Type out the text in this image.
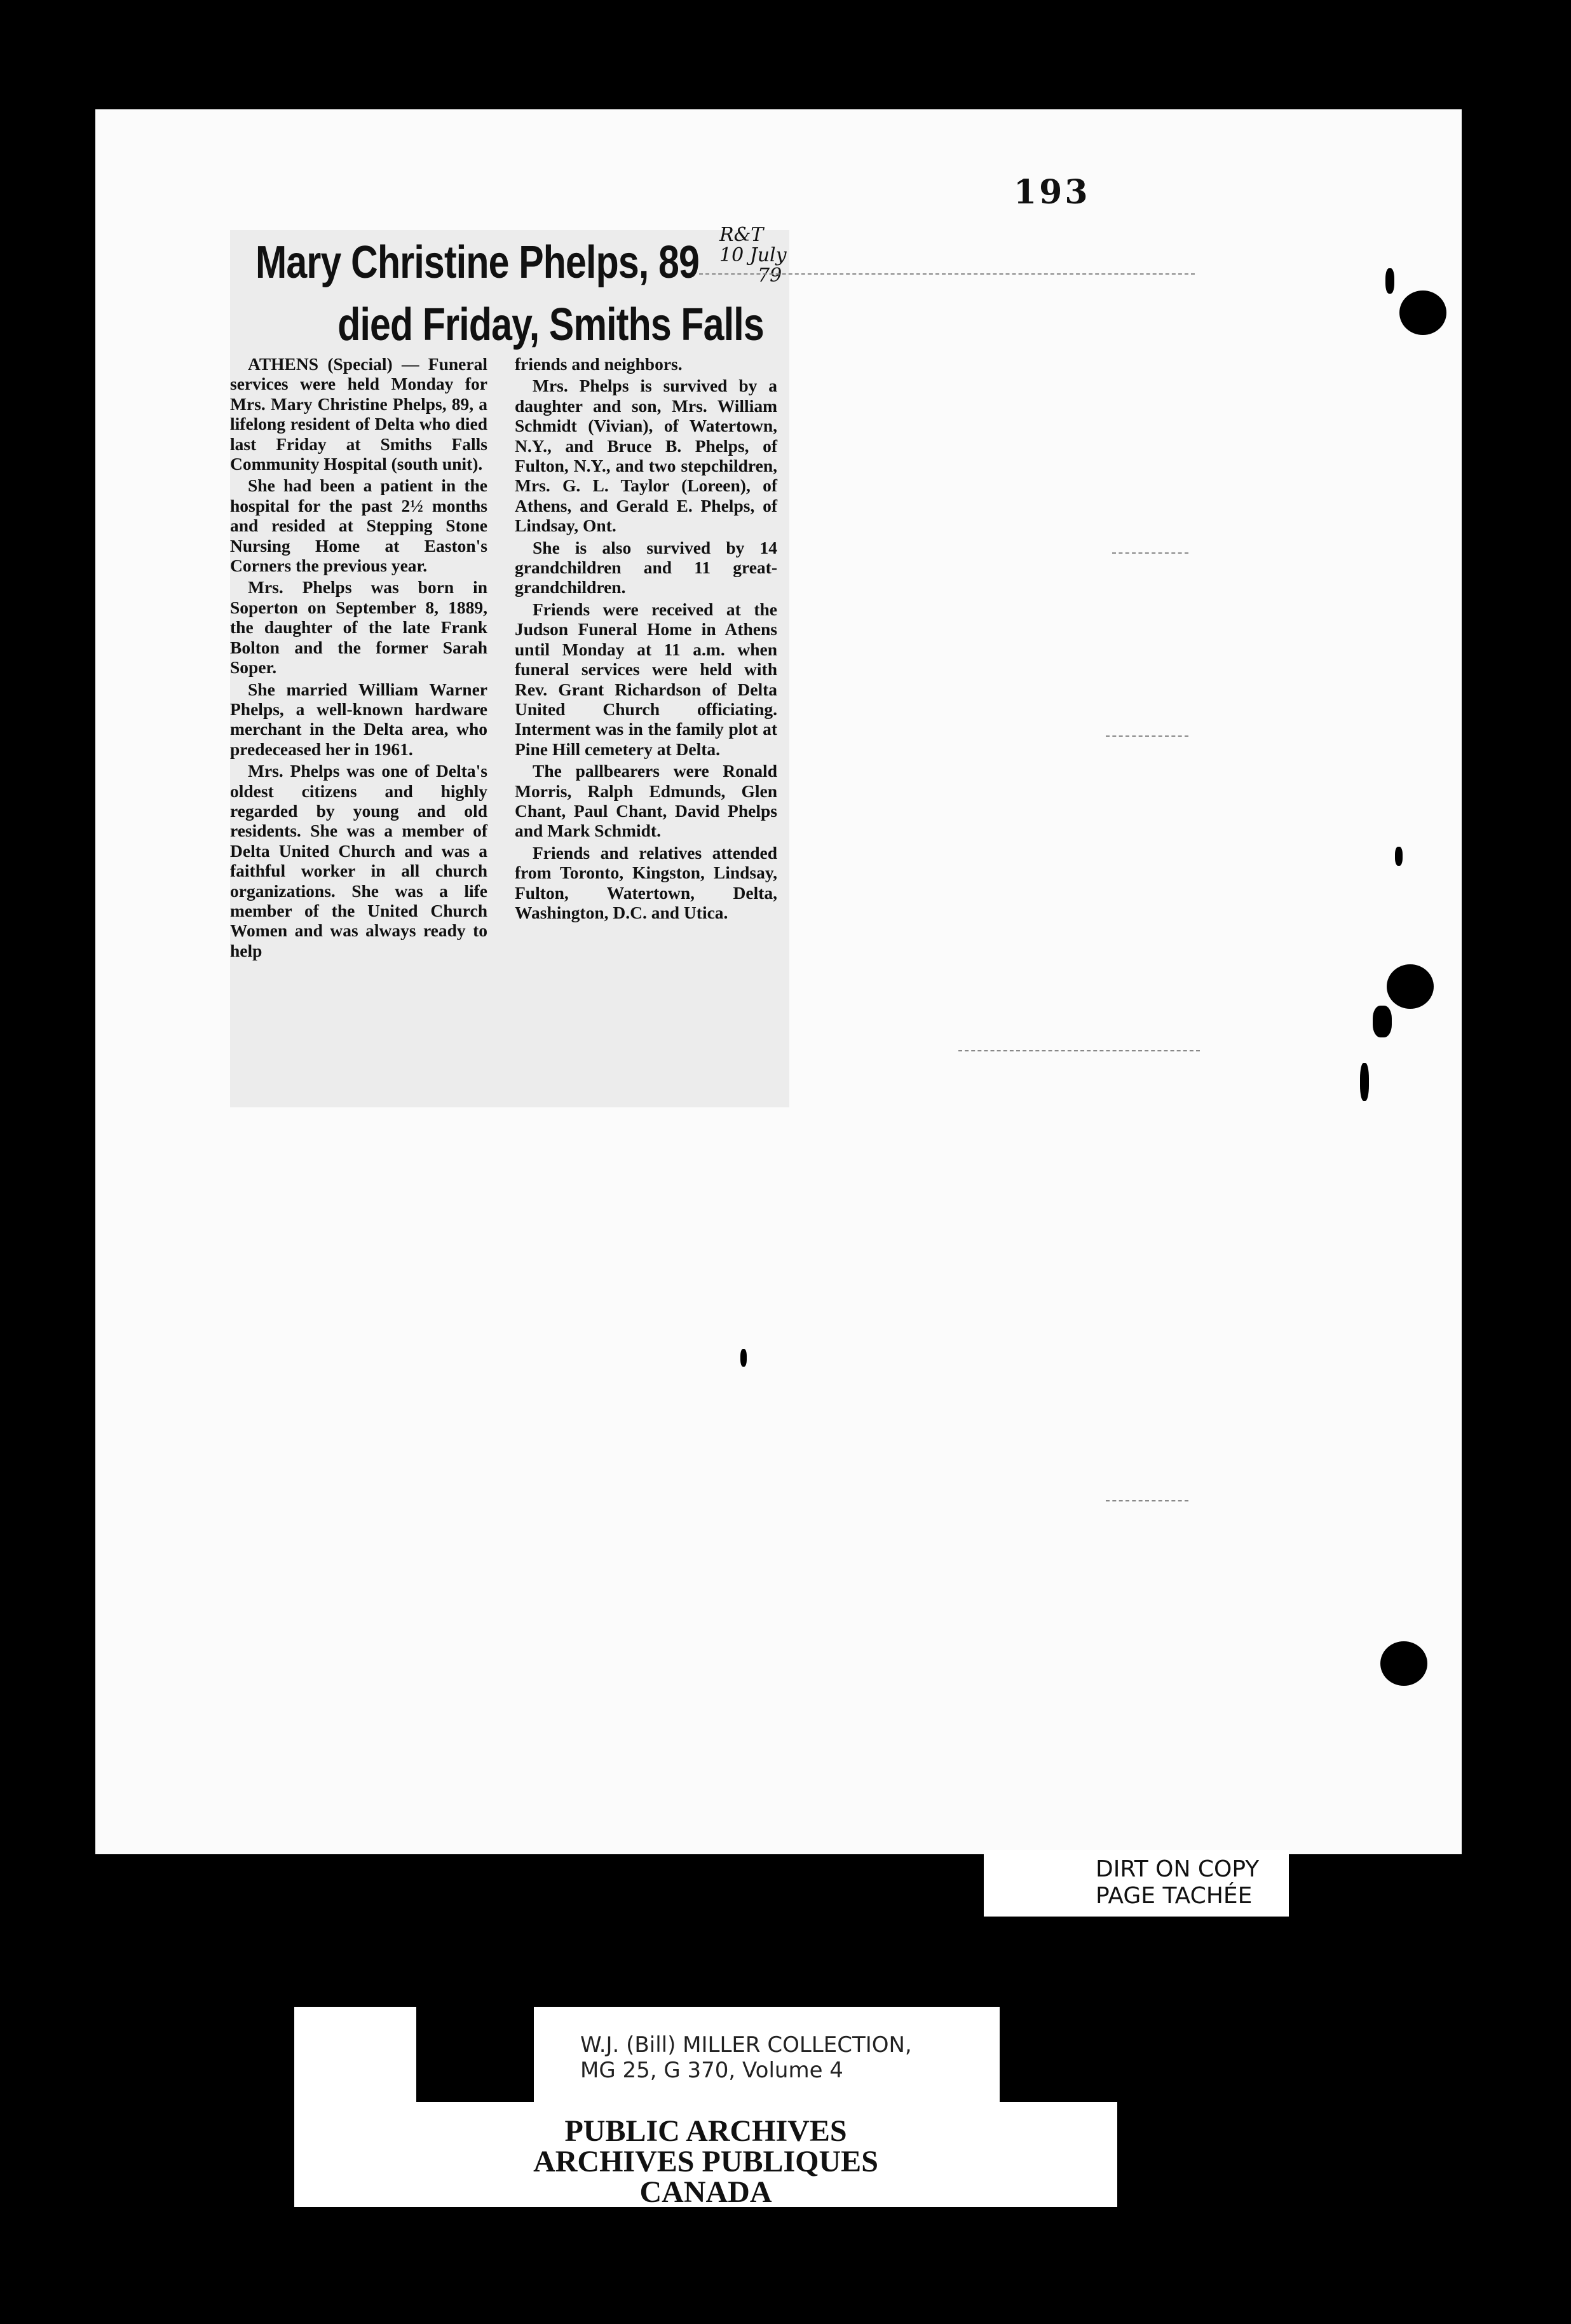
Mary Christine Phelps, 89
died Friday, Smiths Falls
R&T
10 July
79

ATHENS (Special) — Funeral services were held Monday for Mrs. Mary Christine Phelps, 89, a lifelong resident of Delta who died last Friday at Smiths Falls Community Hospital (south unit).

She had been a patient in the hospital for the past 2½ months and resided at Stepping Stone Nursing Home at Easton's Corners the previous year.

Mrs. Phelps was born in Soperton on September 8, 1889, the daughter of the late Frank Bolton and the former Sarah Soper.

She married William Warner Phelps, a well-known hardware merchant in the Delta area, who predeceased her in 1961.

Mrs. Phelps was one of Delta's oldest citizens and highly regarded by young and old residents. She was a member of Delta United Church and was a faithful worker in all church organizations. She was a life member of the United Church Women and was always ready to help

friends and neighbors.

Mrs. Phelps is survived by a daughter and son, Mrs. William Schmidt (Vivian), of Watertown, N.Y., and Bruce B. Phelps, of Fulton, N.Y., and two stepchildren, Mrs. G. L. Taylor (Loreen), of Athens, and Gerald E. Phelps, of Lindsay, Ont.

She is also survived by 14 grandchildren and 11 great-grandchildren.

Friends were received at the Judson Funeral Home in Athens until Monday at 11 a.m. when funeral services were held with Rev. Grant Richardson of Delta United Church officiating. Interment was in the family plot at Pine Hill cemetery at Delta.

The pallbearers were Ronald Morris, Ralph Edmunds, Glen Chant, Paul Chant, David Phelps and Mark Schmidt.

Friends and relatives attended from Toronto, Kingston, Lindsay, Fulton, Watertown, Delta, Washington, D.C. and Utica.

193
DIRT ON COPY
PAGE TACHÉE
W.J. (Bill) MILLER COLLECTION,
MG 25, G 370, Volume 4
PUBLIC ARCHIVES
ARCHIVES PUBLIQUES
CANADA
